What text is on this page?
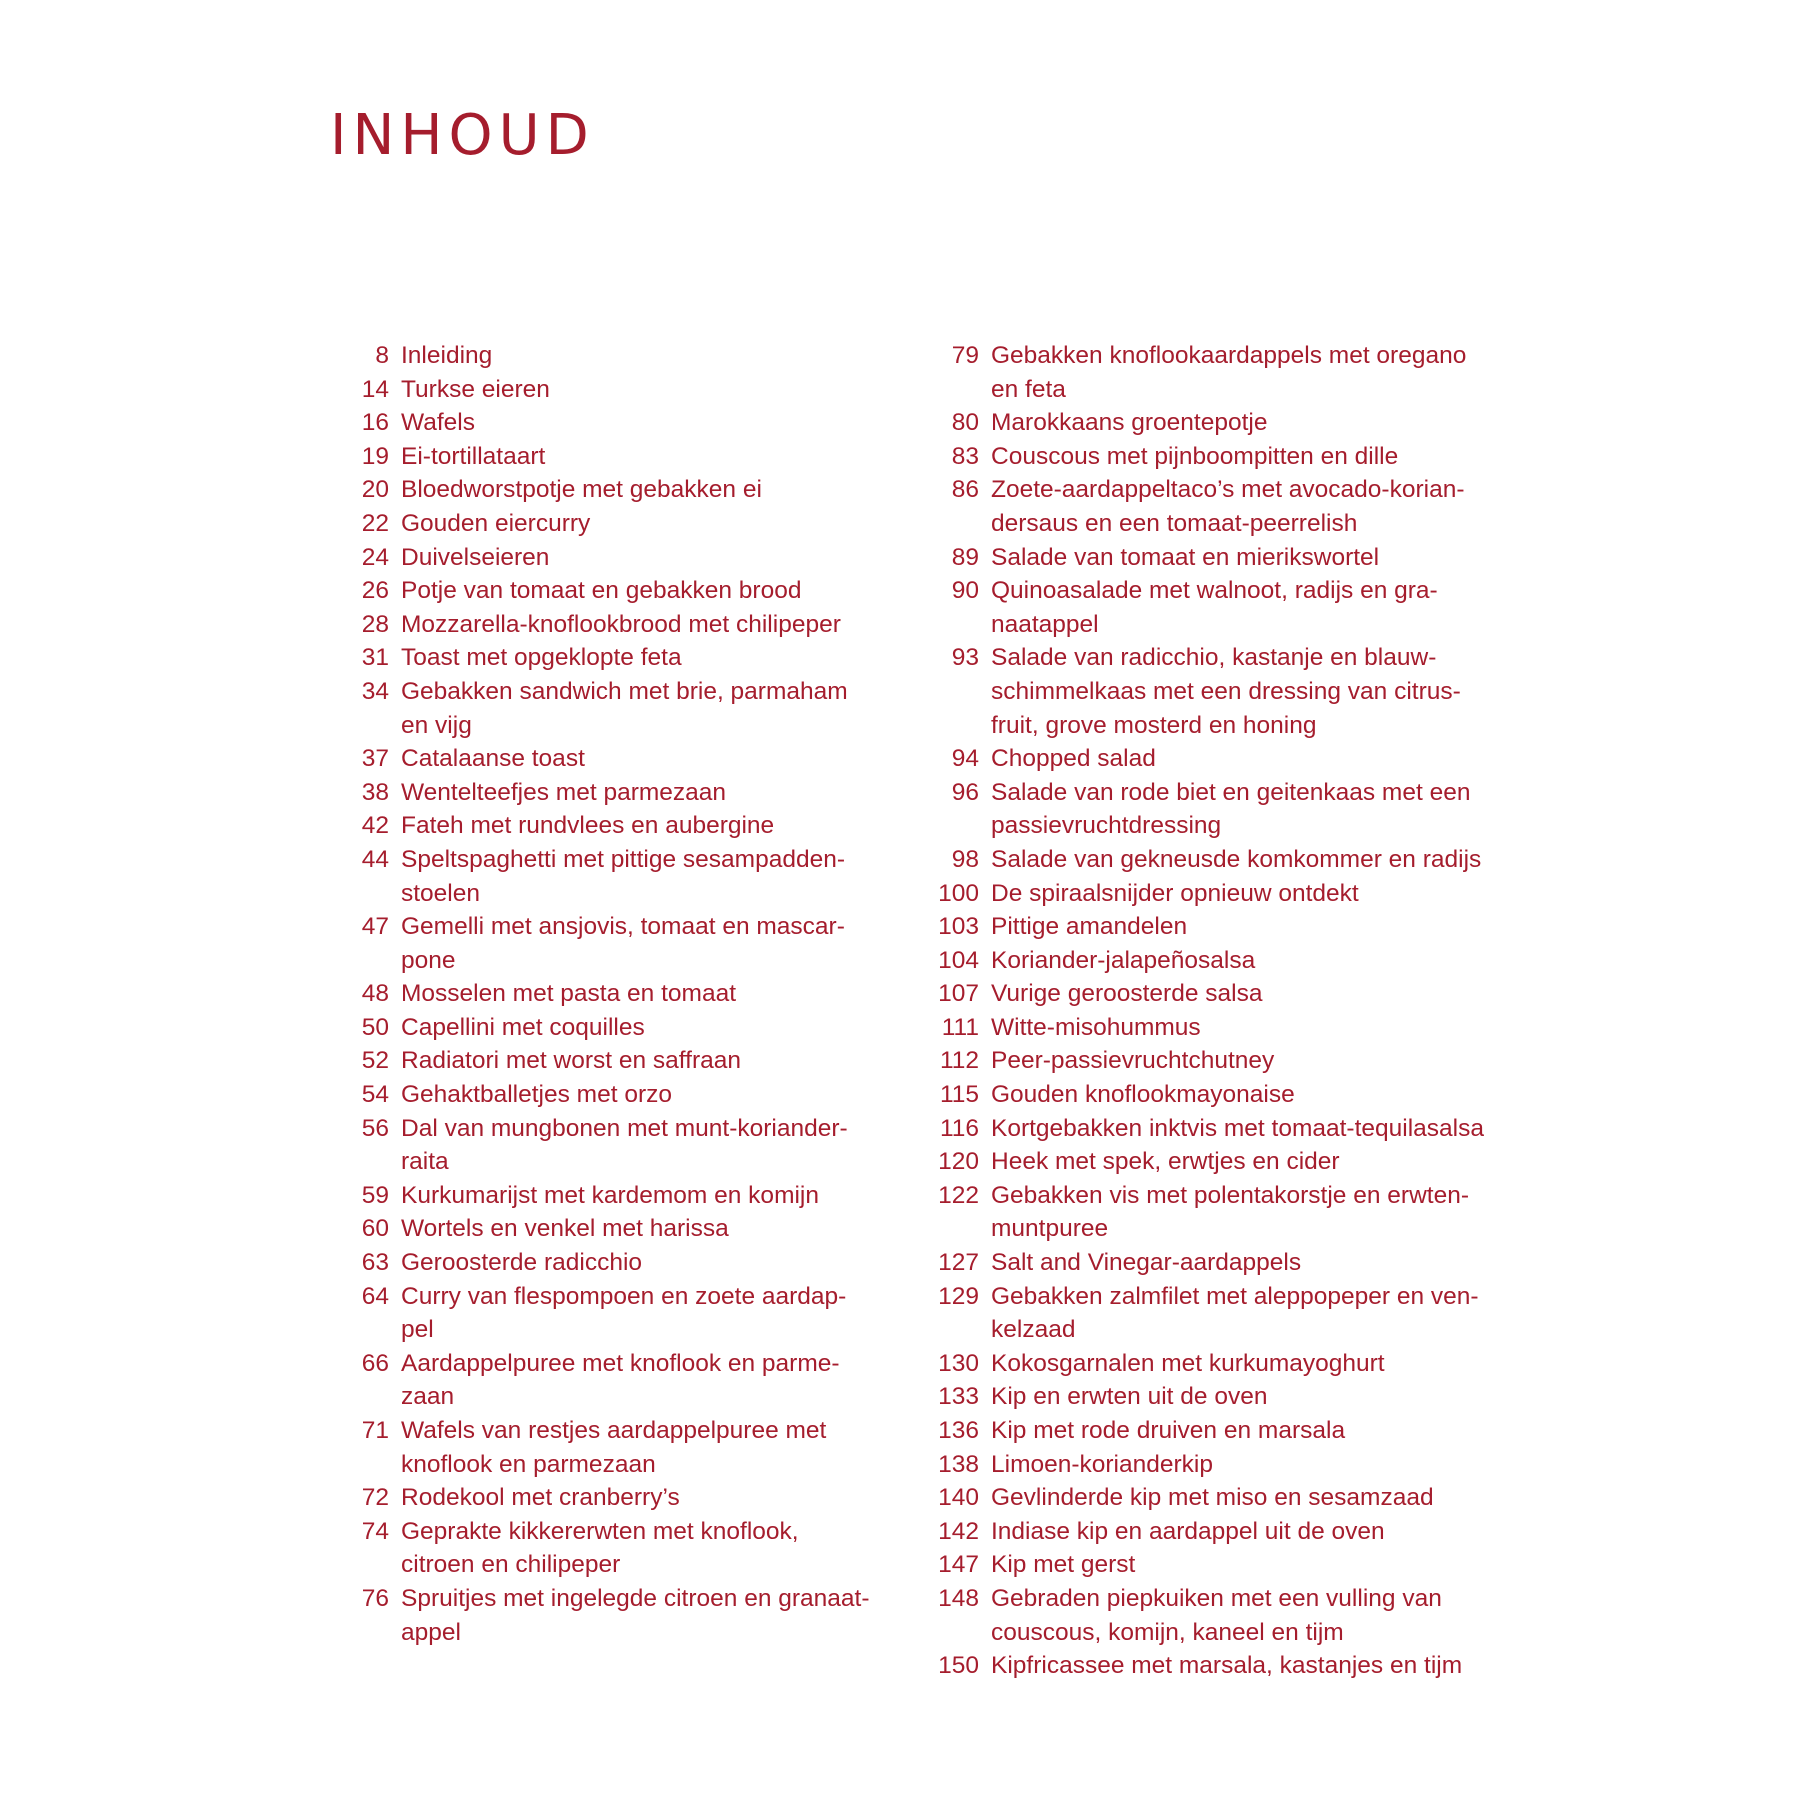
INHOUD
8 Inleiding
14 Turkse eieren
16 Wafels
19 Ei-tortillataart
20 Bloedworstpotje met gebakken ei
22 Gouden eiercurry
24 Duivelseieren
26 Potje van tomaat en gebakken brood
28 Mozzarella-knoflookbrood met chilipeper
31 Toast met opgeklopte feta
34 Gebakken sandwich met brie, parmaham
en vijg
37 Catalaanse toast
38 Wentelteefjes met parmezaan
42 Fateh met rundvlees en aubergine
44 Speltspaghetti met pittige sesampadden-
stoelen
47 Gemelli met ansjovis, tomaat en mascar-
pone
48 Mosselen met pasta en tomaat
50 Capellini met coquilles
52 Radiatori met worst en saffraan
54 Gehaktballetjes met orzo
56 Dal van mungbonen met munt-koriander-
raita
59 Kurkumarijst met kardemom en komijn
60 Wortels en venkel met harissa
63 Geroosterde radicchio
64 Curry van flespompoen en zoete aardap-
pel
66 Aardappelpuree met knoflook en parme-
zaan
71 Wafels van restjes aardappelpuree met
knoflook en parmezaan
72 Rodekool met cranberry’s
74 Geprakte kikkererwten met knoflook,
citroen en chilipeper
76 Spruitjes met ingelegde citroen en granaat-
appel
79 Gebakken knoflookaardappels met oregano
en feta
80 Marokkaans groentepotje
83 Couscous met pijnboompitten en dille
86 Zoete-aardappeltaco’s met avocado-korian-
dersaus en een tomaat-peerrelish
89 Salade van tomaat en mierikswortel
90 Quinoasalade met walnoot, radijs en gra-
naatappel
93 Salade van radicchio, kastanje en blauw-
schimmelkaas met een dressing van citrus-
fruit, grove mosterd en honing
94 Chopped salad
96 Salade van rode biet en geitenkaas met een
passievruchtdressing
98 Salade van gekneusde komkommer en radijs
100 De spiraalsnijder opnieuw ontdekt
103 Pittige amandelen
104 Koriander-jalapeñosalsa
107 Vurige geroosterde salsa
111 Witte-misohummus
112 Peer-passievruchtchutney
115 Gouden knoflookmayonaise
116 Kortgebakken inktvis met tomaat-tequilasalsa
120 Heek met spek, erwtjes en cider
122 Gebakken vis met polentakorstje en erwten-
muntpuree
127 Salt and Vinegar-aardappels
129 Gebakken zalmfilet met aleppopeper en ven-
kelzaad
130 Kokosgarnalen met kurkumayoghurt
133 Kip en erwten uit de oven
136 Kip met rode druiven en marsala
138 Limoen-korianderkip
140 Gevlinderde kip met miso en sesamzaad
142 Indiase kip en aardappel uit de oven
147 Kip met gerst
148 Gebraden piepkuiken met een vulling van
couscous, komijn, kaneel en tijm
150 Kipfricassee met marsala, kastanjes en tijm
